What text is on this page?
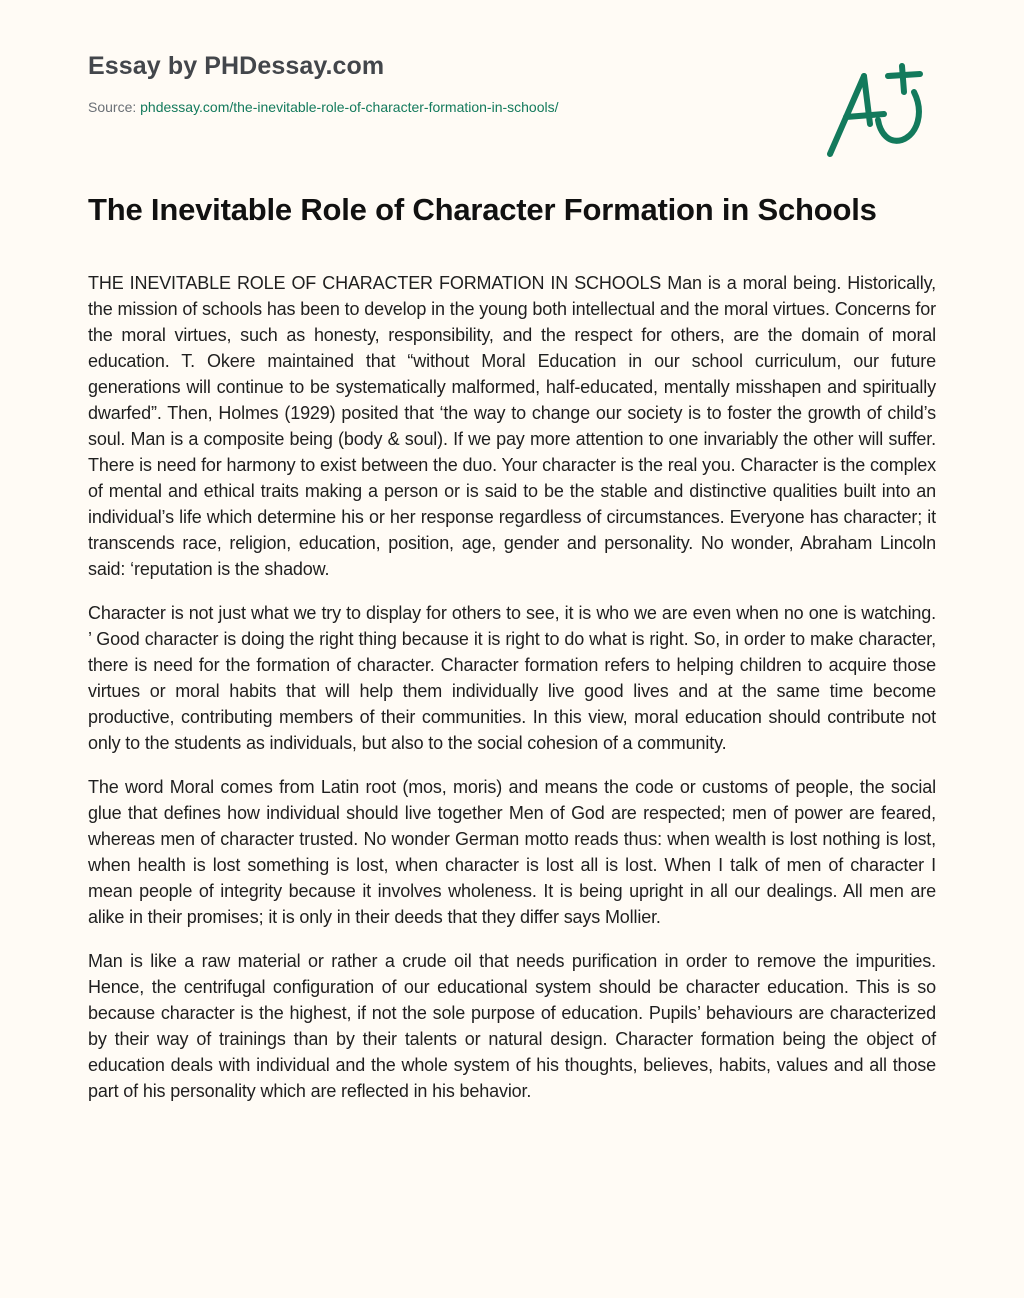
Essay by PHDessay.com
Source: phdessay.com/the-inevitable-role-of-character-formation-in-schools/
The Inevitable Role of Character Formation in Schools

THE INEVITABLE ROLE OF CHARACTER FORMATION IN SCHOOLS Man is a moral being. Historically, the mission of schools has been to develop in the young both intellectual and the moral virtues. Concerns for the moral virtues, such as honesty, responsibility, and the respect for others, are the domain of moral education. T. Okere maintained that “without Moral Education in our school curriculum, our future generations will continue to be systematically malformed, half-educated, mentally misshapen and spiritually dwarfed”. Then, Holmes (1929) posited that ‘the way to change our society is to foster the growth of child’s soul. Man is a composite being (body & soul). If we pay more attention to one invariably the other will suffer. There is need for harmony to exist between the duo. Your character is the real you. Character is the complex of mental and ethical traits making a person or is said to be the stable and distinctive qualities built into an individual’s life which determine his or her response regardless of circumstances. Everyone has character; it transcends race, religion, education, position, age, gender and personality. No wonder, Abraham Lincoln said: ‘reputation is the shadow.

Character is not just what we try to display for others to see, it is who we are even when no one is watching. ’ Good character is doing the right thing because it is right to do what is right. So, in order to make character, there is need for the formation of character. Character formation refers to helping children to acquire those virtues or moral habits that will help them individually live good lives and at the same time become productive, contributing members of their communities. In this view, moral education should contribute not only to the students as individuals, but also to the social cohesion of a community.

The word Moral comes from Latin root (mos, moris) and means the code or customs of people, the social glue that defines how individual should live together Men of God are respected; men of power are feared, whereas men of character trusted. No wonder German motto reads thus: when wealth is lost nothing is lost, when health is lost something is lost, when character is lost all is lost. When I talk of men of character I mean people of integrity because it involves wholeness. It is being upright in all our dealings. All men are alike in their promises; it is only in their deeds that they differ says Mollier.

Man is like a raw material or rather a crude oil that needs purification in order to remove the impurities. Hence, the centrifugal configuration of our educational system should be character education. This is so because character is the highest, if not the sole purpose of education. Pupils’ behaviours are characterized by their way of trainings than by their talents or natural design. Character formation being the object of education deals with individual and the whole system of his thoughts, believes, habits, values and all those part of his personality which are reflected in his behavior.
